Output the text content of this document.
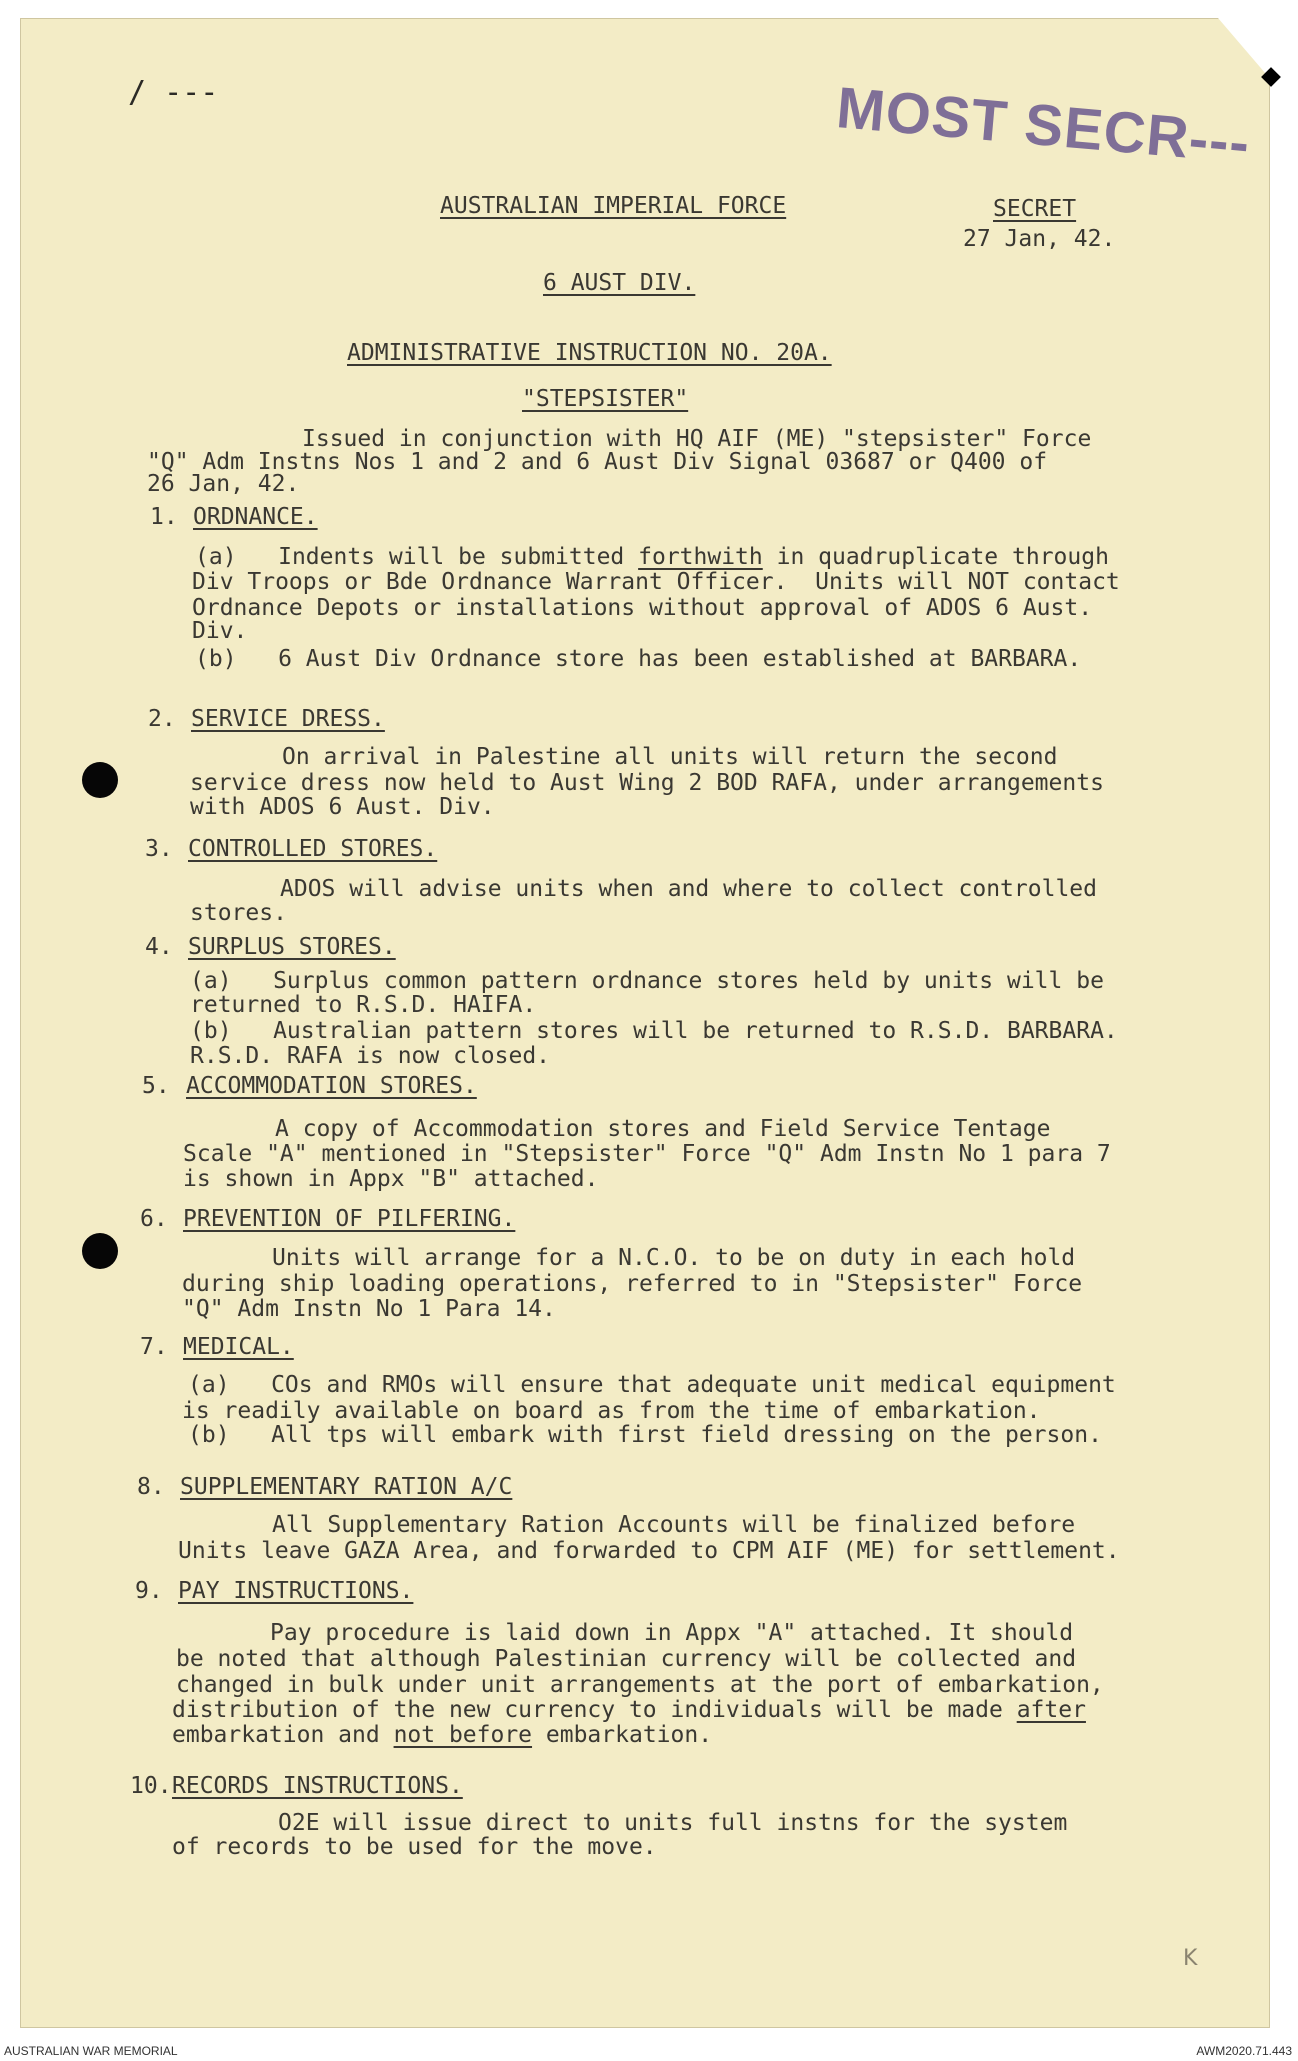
/ ---	MOST SECR---
AUSTRALIAN IMPERIAL FORCE	SECRET
27 Jan, 42.
6 AUST DIV.
ADMINISTRATIVE INSTRUCTION NO. 20A.
"STEPSISTER"
Issued in conjunction with HQ AIF (ME) "stepsister" Force
"Q" Adm Instns Nos 1 and 2 and 6 Aust Div Signal 03687 or Q400 of
26 Jan, 42.
1. ORDNANCE.
(a) Indents will be submitted forthwith in quadruplicate through
Div Troops or Bde Ordnance Warrant Officer.  Units will NOT contact
Ordnance Depots or installations without approval of ADOS 6 Aust.
Div.
(b)   6 Aust Div Ordnance store has been established at BARBARA.
2. SERVICE DRESS.
On arrival in Palestine all units will return the second
service dress now held to Aust Wing 2 BOD RAFA, under arrangements
with ADOS 6 Aust. Div.
3. CONTROLLED STORES.
ADOS will advise units when and where to collect controlled
stores.
4. SURPLUS STORES.
(a)   Surplus common pattern ordnance stores held by units will be
returned to R.S.D. HAIFA.
(b)   Australian pattern stores will be returned to R.S.D. BARBARA.
R.S.D. RAFA is now closed.
5. ACCOMMODATION STORES.
A copy of Accommodation stores and Field Service Tentage
Scale "A" mentioned in "Stepsister" Force "Q" Adm Instn No 1 para 7
is shown in Appx "B" attached.
6. PREVENTION OF PILFERING.
Units will arrange for a N.C.O. to be on duty in each hold
during ship loading operations, referred to in "Stepsister" Force
"Q" Adm Instn No 1 Para 14.
7. MEDICAL.
(a)   COs and RMOs will ensure that adequate unit medical equipment
is readily available on board as from the time of embarkation.
(b)   All tps will embark with first field dressing on the person.
8. SUPPLEMENTARY RATION A/C
All Supplementary Ration Accounts will be finalized before
Units leave GAZA Area, and forwarded to CPM AIF (ME) for settlement.
9. PAY INSTRUCTIONS.
Pay procedure is laid down in Appx "A" attached. It should
be noted that although Palestinian currency will be collected and
changed in bulk under unit arrangements at the port of embarkation,
distribution of the new currency to individuals will be made after
embarkation and not before embarkation.
10. RECORDS INSTRUCTIONS.
O2E will issue direct to units full instns for the system
of records to be used for the move.
K
AUSTRALIAN WAR MEMORIAL	AWM2020.71.443
